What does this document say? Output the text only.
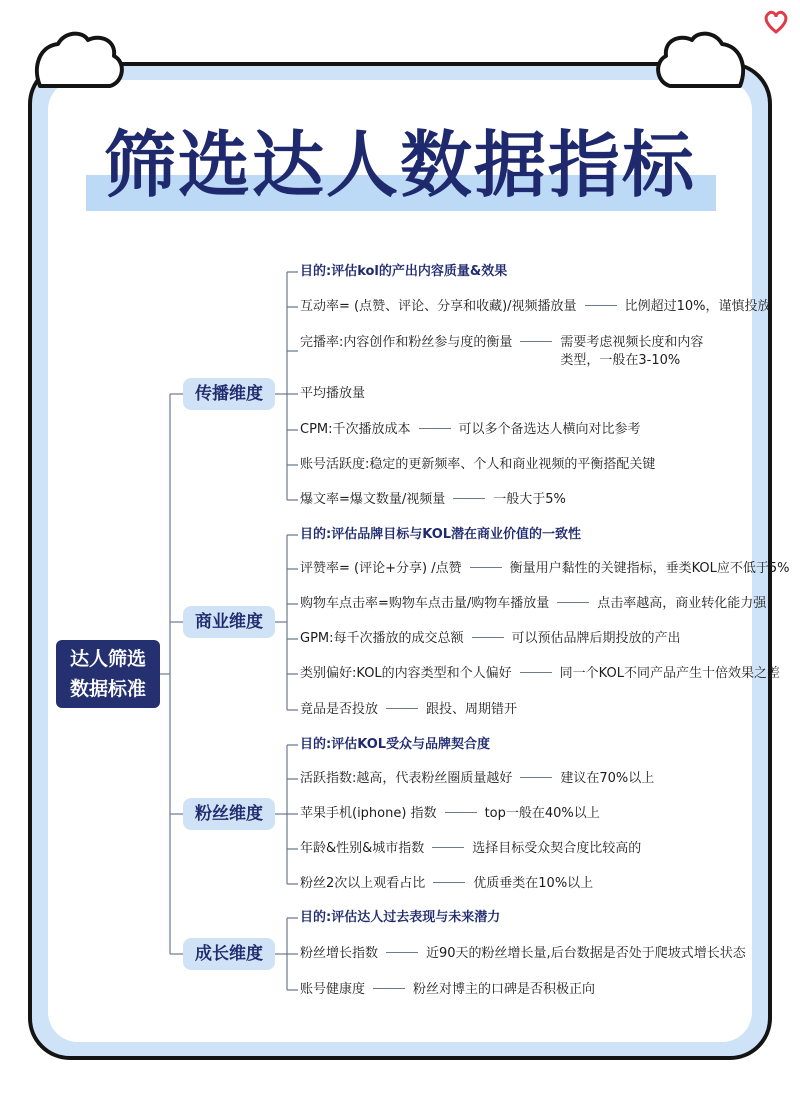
筛选达人数据指标
达人筛选
数据标准
传播维度
商业维度
粉丝维度
成长维度
目的:评估kol的产出内容质量&效果
互动率= (点赞、评论、分享和收藏)/视频播放量	比例超过10%，谨慎投放
完播率:内容创作和粉丝参与度的衡量	需要考虑视频长度和内容
类型，一般在3-10%
平均播放量
CPM:千次播放成本	可以多个备选达人横向对比参考
账号活跃度:稳定的更新频率、个人和商业视频的平衡搭配关键
爆文率=爆文数量/视频量	一般大于5%
目的:评估品牌目标与KOL潜在商业价值的一致性
评赞率= (评论+分享) /点赞	衡量用户黏性的关键指标，垂类KOL应不低于5%
购物车点击率=购物车点击量/购物车播放量	点击率越高，商业转化能力强
GPM:每千次播放的成交总额	可以预估品牌后期投放的产出
类别偏好:KOL的内容类型和个人偏好	同一个KOL不同产品产生十倍效果之差
竟品是否投放	跟投、周期错开
目的:评估KOL受众与品牌契合度
活跃指数:越高，代表粉丝圈质量越好	建议在70%以上
苹果手机(iphone) 指数	top一般在40%以上
年龄&性别&城市指数	选择目标受众契合度比较高的
粉丝2次以上观看占比	优质垂类在10%以上
目的:评估达人过去表现与未来潜力
粉丝增长指数	近90天的粉丝增长量,后台数据是否处于爬坡式增长状态
账号健康度	粉丝对博主的口碑是否积极正向
